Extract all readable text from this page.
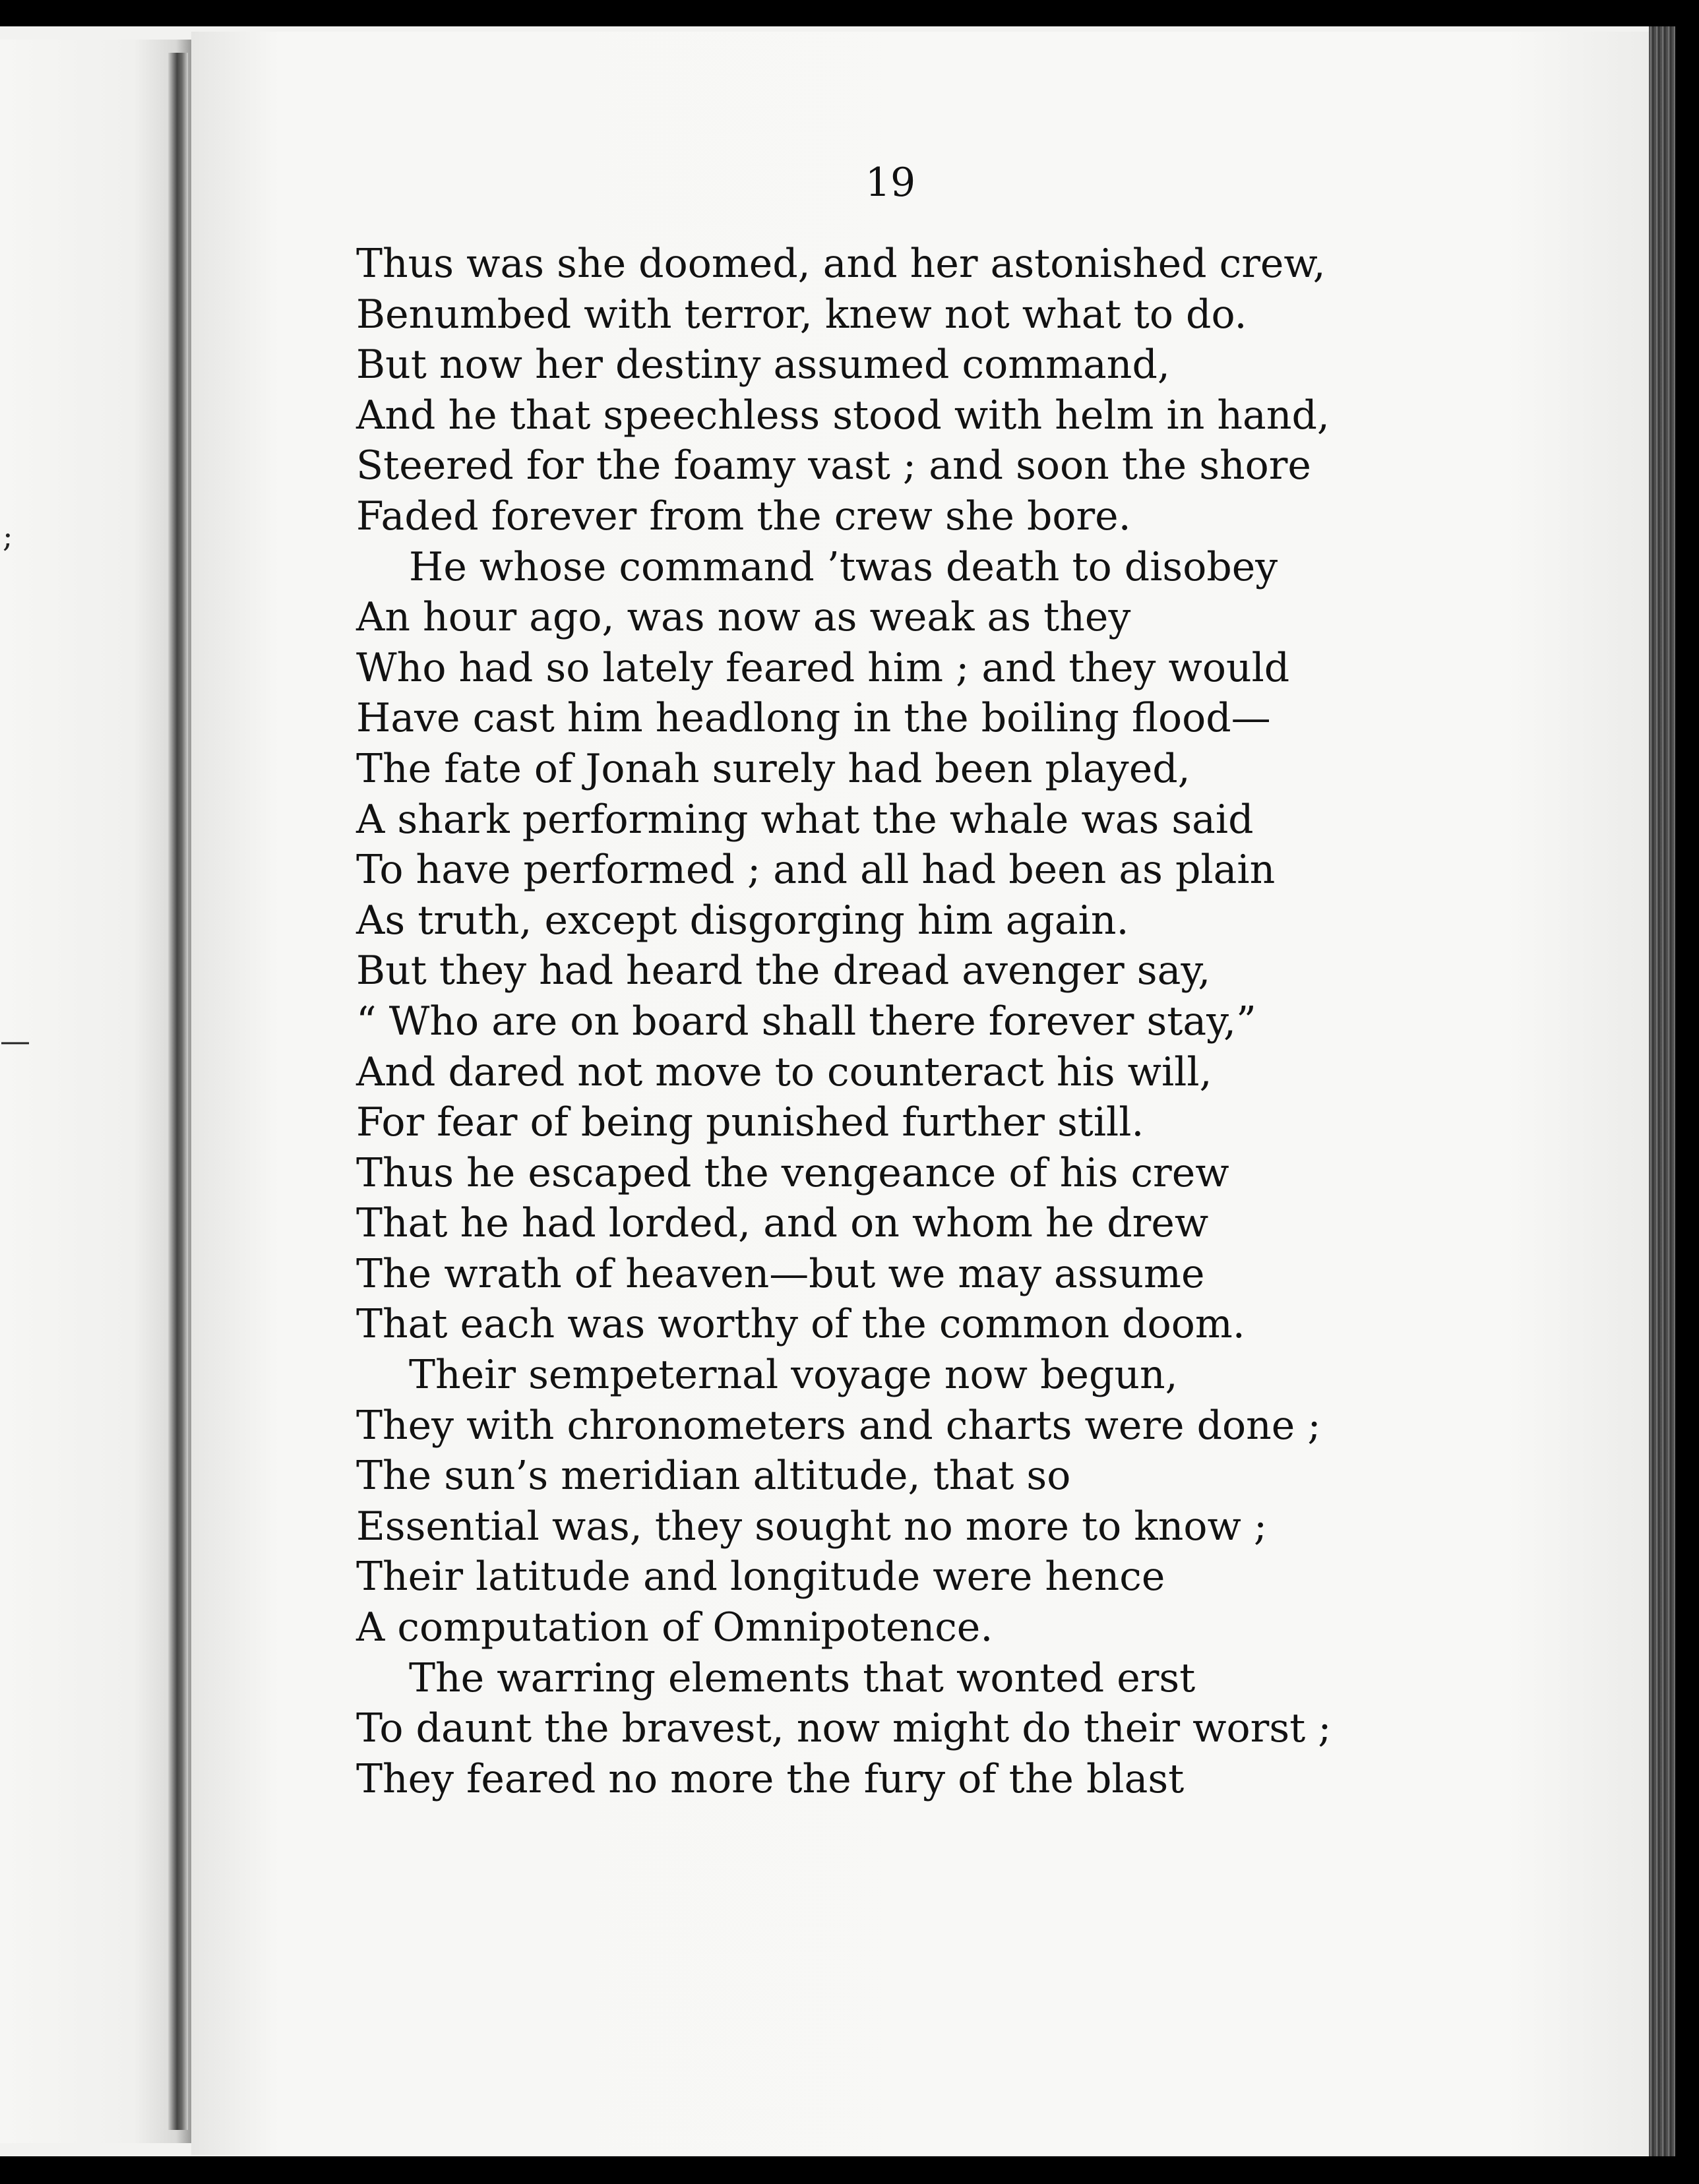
;
—
19
Thus was she doomed, and her astonished crew,
Benumbed with terror, knew not what to do.
But now her destiny assumed command,
And he that speechless stood with helm in hand,
Steered for the foamy vast ; and soon the shore
Faded forever from the crew she bore.
He whose command ’twas death to disobey
An hour ago, was now as weak as they
Who had so lately feared him ; and they would
Have cast him headlong in the boiling flood—
The fate of Jonah surely had been played,
A shark performing what the whale was said
To have performed ; and all had been as plain
As truth, except disgorging him again.
But they had heard the dread avenger say,
“ Who are on board shall there forever stay,”
And dared not move to counteract his will,
For fear of being punished further still.
Thus he escaped the vengeance of his crew
That he had lorded, and on whom he drew
The wrath of heaven—but we may assume
That each was worthy of the common doom.
Their sempeternal voyage now begun,
They with chronometers and charts were done ;
The sun’s meridian altitude, that so
Essential was, they sought no more to know ;
Their latitude and longitude were hence
A computation of Omnipotence.
The warring elements that wonted erst
To daunt the bravest, now might do their worst ;
They feared no more the fury of the blast
